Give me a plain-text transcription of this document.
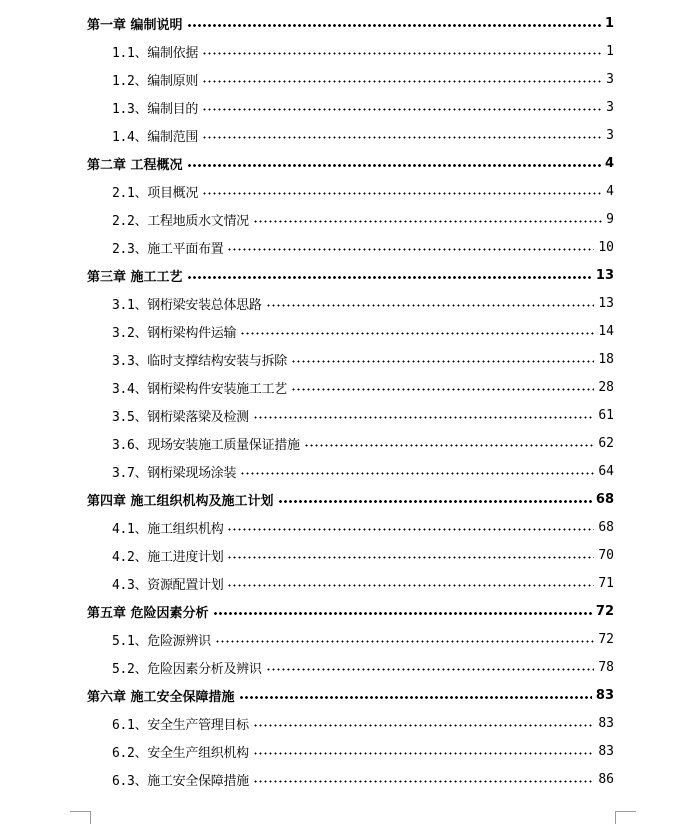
第一章 编制说明	1
1.1、编制依据	1
1.2、编制原则	3
1.3、编制目的	3
1.4、编制范围	3
第二章 工程概况	4
2.1、项目概况	4
2.2、工程地质水文情况	9
2.3、施工平面布置	10
第三章 施工工艺	13
3.1、钢桁梁安装总体思路	13
3.2、钢桁梁构件运输	14
3.3、临时支撑结构安装与拆除	18
3.4、钢桁梁构件安装施工工艺	28
3.5、钢桁梁落梁及检测	61
3.6、现场安装施工质量保证措施	62
3.7、钢桁梁现场涂装	64
第四章 施工组织机构及施工计划	68
4.1、施工组织机构	68
4.2、施工进度计划	70
4.3、资源配置计划	71
第五章 危险因素分析	72
5.1、危险源辨识	72
5.2、危险因素分析及辨识	78
第六章 施工安全保障措施	83
6.1、安全生产管理目标	83
6.2、安全生产组织机构	83
6.3、施工安全保障措施	86
